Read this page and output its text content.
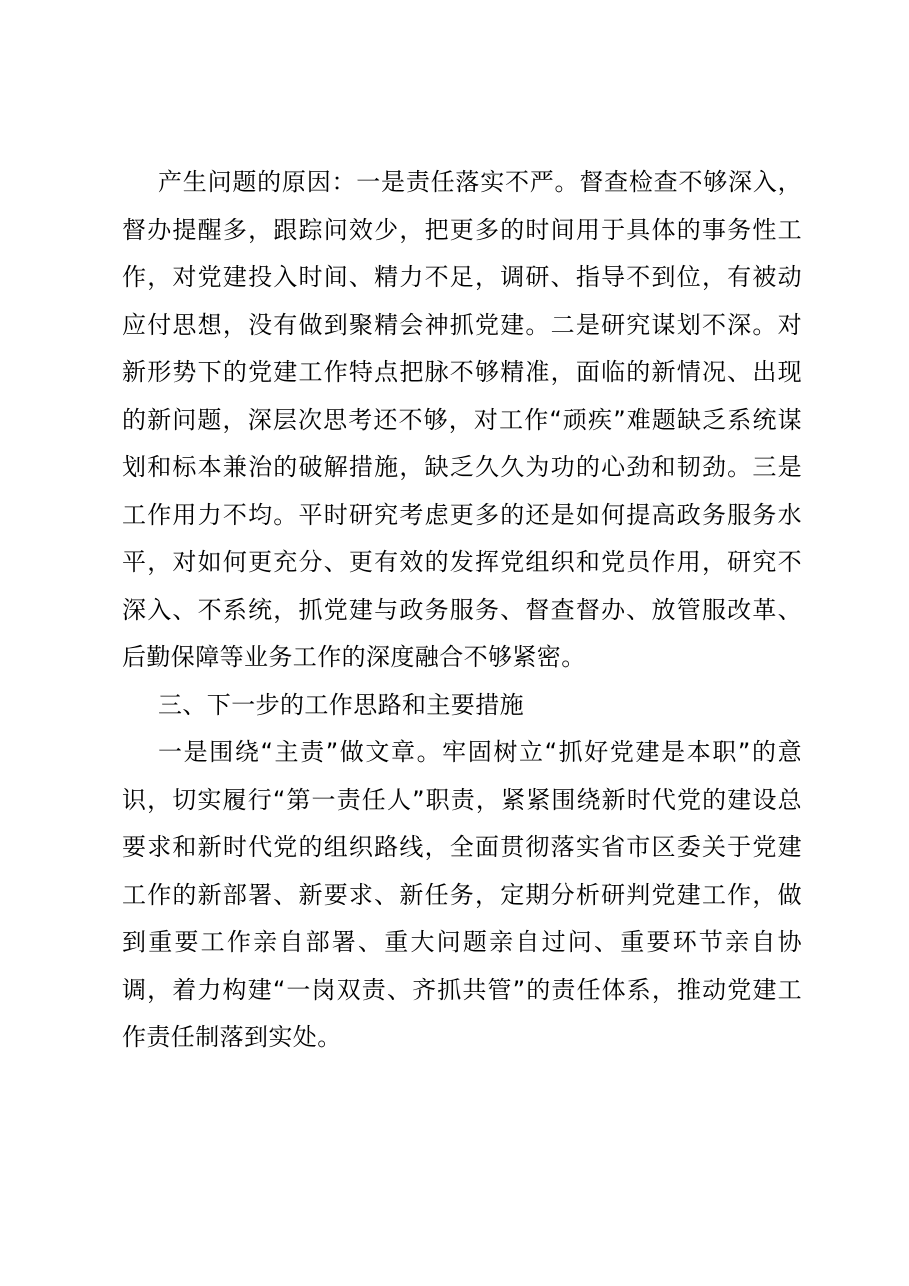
产生问题的原因：一是责任落实不严。督查检查不够深入，督办提醒多，跟踪问效少，把更多的时间用于具体的事务性工作，对党建投入时间、精力不足，调研、指导不到位，有被动应付思想，没有做到聚精会神抓党建。二是研究谋划不深。对新形势下的党建工作特点把脉不够精准，面临的新情况、出现的新问题，深层次思考还不够，对工作“顽疾”难题缺乏系统谋划和标本兼治的破解措施，缺乏久久为功的心劲和韧劲。三是工作用力不均。平时研究考虑更多的还是如何提高政务服务水平，对如何更充分、更有效的发挥党组织和党员作用，研究不深入、不系统，抓党建与政务服务、督查督办、放管服改革、后勤保障等业务工作的深度融合不够紧密。

三、下一步的工作思路和主要措施

一是围绕“主责”做文章。牢固树立“抓好党建是本职”的意识，切实履行“第一责任人”职责，紧紧围绕新时代党的建设总要求和新时代党的组织路线，全面贯彻落实省市区委关于党建工作的新部署、新要求、新任务，定期分析研判党建工作，做到重要工作亲自部署、重大问题亲自过问、重要环节亲自协调，着力构建“一岗双责、齐抓共管”的责任体系，推动党建工作责任制落到实处。
